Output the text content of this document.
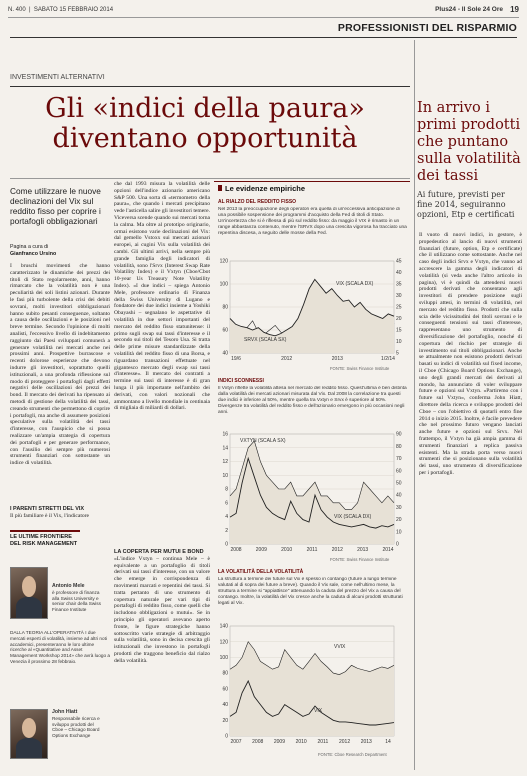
N. 400  |  SABATO 15 FEBBRAIO 2014	Plus24 - Il Sole 24 Ore 19
PROFESSIONISTI DEL RISPARMIO
INVESTIMENTI ALTERNATIVI
Gli «indici della paura» diventano opportunità
In arrivo i primi prodotti che puntano sulla volatilità dei tassi
Ai future, previsti per fine 2014, seguiranno opzioni, Etp e certificati
Come utilizzare le nuove declinazioni del Vix sul reddito fisso per coprire i portafogli obbligazionari
Pagina a cura di
Gianfranco Ursino
I bruschi movimenti che hanno caratterizzato le dinamiche dei prezzi dei titoli di Stato regolarmente, anni, hanno rimarcato che la volatilità non è una peculiarità dei soli listini azionari. Durante le fasi più turbolente della crisi dei debiti sovrani, molti investitori obbligazionari hanno subito pesanti conseguenze, soltanto a causa delle oscillazioni e le posizioni nel breve termine. Secondo l'opinione di molti analisti, l'eccessivo livello di indebitamento raggiunto dai Paesi sviluppati comunerà a generare volatilità nei mercati anche nei prossimi anni. Prospettive burrascose e recenti dolorose esperienze che devono indurre gli investitori, soprattutto quelli istituzionali, a una profonda riflessione sul modo di proteggere i portafogli dagli effetti negativi delle oscillazioni dei prezzi dei bond. Il mercato dei derivati ha ripensato ai metodi di gestione della volatilità dei tassi, creando strumenti che permettono di coprire i portafogli, ma anche di assumere posizioni speculative sulla volatilità dei tassi d'interesse, con l'auspicio che si possa realizzare un'ampia strategia di copertura dei portafogli e per generare performance, con l'ausilio dei sempre più numerosi strumenti finanziari con sottostante un indice di volatilità.
I PARENTI STRETTI DEL VIX
Il più familiare è il Vix, l'indicatore
LE ULTIME FRONTIERE DEL RISK MANAGEMENT
Antonio Mele
è professore di finanza alla Swiss University e senior chair della Swiss Finance Institute
DALLA TEORIA ALL'OPERATIVITÀ I due mercati esperti di volatilità, insieme ad altri noti accademici, presenteranno le loro ultime ricerche al «Quantitative and Asset Management Workshop 2014» che avrà luogo a Venezia il prossimo 28 febbraio.
John Hiatt
Responsabile ricerca e sviluppo prodotti del Cboe – Chicago Board Options Exchange
che dal 1993 misura la volatilità delle opzioni dell'indice azionario americano S&P 500. Una sorta di «termometro della paura», che quando i mercati precipitano vede l'asticella salire gli investitori temere. Viceversa scende quando sui mercati torna la calma. Ma oltre al prototipo originario, ormai esistono varie declinazioni del Vix: dal gemello Vstoxx sui mercati azionari europei, ai cugini Vix sulla volatilità dei cambi. Gli ultimi arrivi, nella sempre più grande famiglia degli indicatori di volatilità, sono l'Srvx (Interest Swap Rate Volatility Index) e il Vxtyn (Cboe/Cbot 10-year Us Treasury Note Volatility Index). «I due indici – spiega Antonio Mele, professore ordinario di Finanza della Swiss University di Lugano e fondatore dei due indici insieme a Yoshiki Obayashi – segnalano le aspettative di volatilità in due settori importanti del mercato del reddito fisso statunitense: il primo sugli swap sui tassi d'interesse e il secondo sui titoli del Tesoro Usa. Si tratta delle prime misure standardizzate della volatilità del reddito fisso di una Borsa, e riguardano transazioni effettuate nel gigantesco mercato degli swap sui tassi d'interesse». Il mercato dei contratti a termine sui tassi di interesse è di gran lunga il più importante nell'ambito dei derivati, con valori nozionali che ammontano a livello mondiale in centinaia di migliaia di miliardi di dollari.
LA COPERTA PER MUTUI E BOND
«L'indice Vxtyn – continua Mele – è equivalente a un portafoglio di titoli derivati sui tassi d'interesse, con un valore che emerge in corrispondenza di movimenti marcati e repentini dei tassi. Si tratta pertanto di uno strumento di copertura naturale per vari tipi di portafogli di reddito fisso, come quelli che includono obbligazioni o mutui». Se in principio gli operatori avevano aperto fronte, le figure strategiche hanno sottoscritto varie strategie di arbitraggio sulla volatilità, sono in decisa crescita gli istituzionali che investono in portafogli prodotti che traggono beneficio dal rialzo della volatilità.
Le evidenze empiriche
AL RIALZO DEL REDDITO FISSO
Nel 2013 la preoccupazione degli operatori era quella di un'eccessiva anticipazione di una possibile sospensione dei programmi d'acquisto della Fed di titoli di Stato. Un'incertezza che si è riflessa di più sul reddito fisso: da maggio il VIX è rimasto in un range abbastanza contenuto, mentre l'SRVX dopo una crescita vigorosa ha tracciato una repentina discesa, a seguito delle mosse della Fed.
120
100
80
60
40
45
40
35
30
25
20
15
10
5
19/6	2012	2013	1/2/14
VIX (SCALA DX)
SRVX (SCALA SX)
FONTE: Swiss Finance Institute
INDICI SCONNESSI
Il Vxtyn riflette la volatilità attesa nel mercato del reddito fisso. Quest'ultima è ben distinta dalla volatilità dei mercati azionari misurata dal Vix. Dal 2008 la correlazione tra questi due indici è inferiore al 50%, mentre quella tra Vxtyn e Srvx è superiore al 50%. Divergenze tra volatilità del reddito fisso e dell'azionario emergono in più occasioni negli anni.
16
14
12
10
8
6
4
2
0
90
80
70
60
50
40
30
20
10
0
2008	2009	2010	2011	2012	2013	2014
VXTYN (SCALA SX)
VIX (SCALA DX)
FONTE: Swiss Finance Institute
LA VOLATILITÀ DELLA VOLATILITÀ
La struttura a termine dei future sul Vix è spesso in contango (future a lungo termine valutati al di sopra dei future a breve). Quando il Vix sale, come nell'ultimo mese, la struttura a termine si "appiattisce" attenuando la caduta del prezzo del Vix a causa del contango. Inoltre, la volatilità del Vix cresce anche la caduta di alcuni prodotti strutturati legati al Vix.
140
120
100
80
60
40
20
0
2007 2008 2009 2010 2011 2012 2013	14
VVIX
VIX
FONTE: Cboe Research Department
Il vuoto di nuovi indici, in gestore, è propedeutico al lancio di nuovi strumenti finanziari (future, option, Etp e certificate) che il utilizzano come sottostante. Anche nel caso degli indici Srvx e Vxtyn, che vanno ad accrescere la gamma degli indicatori di volatilità (si veda anche l'altro articolo in pagina), vi è quindi da attendersi nuovi prodotti derivati che consentano agli investitori di prendere posizione sugli sviluppi attesi, in termini di volatilità, nel mercato del reddito fisso. Prodotti che sulla scia delle vicissitudini dei titoli sovrani e le conseguenti tensioni sui tassi d'interesse, rappresentano uno strumento di diversificazione del portafoglio, nonché di copertura del rischio per strategie di investimento sui titoli obbligazionari. Anche se attualmente non esistono prodotti derivati basati su indici di volatilità sul fixed income, il Cboe (Chicago Board Options Exchange), uno degli grandi mercati dei derivati al mondo, ha annunciato di voler sviluppare future e opzioni sul Vxtyn. «Partiremo con i future sul Vxtyn», conferma John Hiatt, direttore della ricerca e sviluppo prodotti del Cboe – con l'obiettivo di quotarli entro fine 2014 o inizio 2015. Inoltre, è facile prevedere che nel prossimo futuro vengano lanciati anche future e opzioni sul Srvx. Nel frattempo, il Vxtyn ha già ampia gamma di strumenti finanziari a replica passiva esistenti. Ma la strada porta verso nuovi strumenti che si posizionano sulla volatilità dei tassi, uno strumento di diversificazione per i portafogli.
